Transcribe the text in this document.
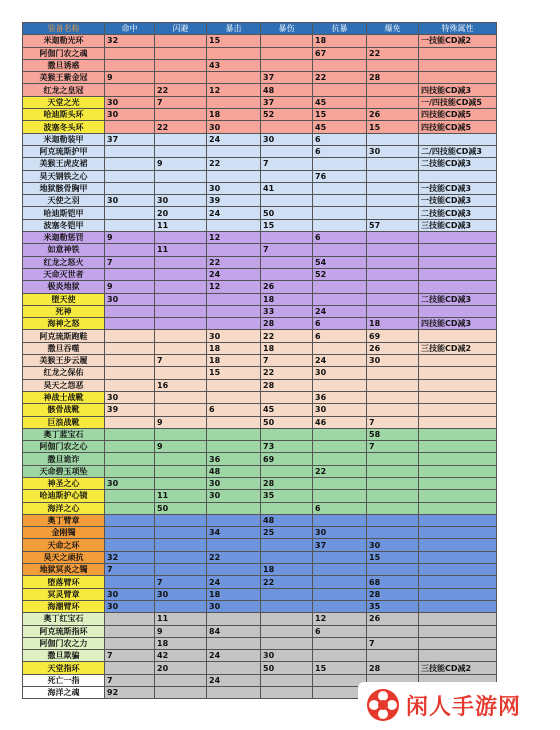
装备名称	命中	闪避	暴击	暴伤	抗暴	爆免	特殊属性
米迦勒光环	32		15		18		一技能CD减2
阿伽门农之魂					67	22	
撒旦诱惑			43				
美猴王紫金冠	9			37	22	28	
红龙之皇冠		22	12	48			四技能CD减3
天堂之光	30	7		37	45		一/四技能CD减5
哈迪斯头环	30		18	52	15	26	四技能CD减5
波塞冬头环		22	30		45	15	四技能CD减5
米迦勒装甲	37		24	30	6		
阿克琉斯护甲					6	30	二/四技能CD减3
美猴王虎皮裙		9	22	7			二技能CD减3
昊天钢铁之心					76		
地狱骸骨胸甲			30	41			一技能CD减3
天使之羽	30	30	39				一技能CD减3
哈迪斯铠甲		20	24	50			二技能CD减3
波塞冬铠甲		11		15		57	三技能CD减3
米迦勒惩罚	9		12		6		
如意神铁		11		7			
红龙之怒火	7		22		54		
天命灭世者			24		52		
极炎地狱	9		12	26			
堕天使	30			18			二技能CD减3
死神				33	24		
海神之怒				28	6	18	四技能CD减3
阿克琉斯跑鞋			30	22	6	69	
撒旦吞噬			18	18		26	三技能CD减2
美猴王步云履		7	18	7	24	30	
红龙之保佑			15	22	30		
昊天之怨恶		16		28			
神战士战靴	30				36		
骸骨战靴	39		6	45	30		
巨浪战靴		9		50	46	7	
奥丁蓝宝石						58	
阿伽门农之心		9		73		7	
撒旦诡诈			36	69			
天命碧玉项坠			48		22		
神圣之心	30		30	28			
哈迪斯护心镜		11	30	35			
海洋之心		50			6		
奥丁臂章				48			
金刚镯			34	25	30		
天命之环					37	30	
昊天之顽抗	32		22			15	
地狱冥炎之镯	7			18			
堕落臂环		7	24	22		68	
冥灵臂章	30	30	18			28	
海潮臂环	30		30			35	
奥丁红宝石		11			12	26	
阿克琉斯指环		9	84		6		
阿伽门农之力		18				7	
撒旦欺骗	7	42	24	30			
天堂指环		20		50	15	28	三技能CD减2
死亡一指	7		24				
海洋之魂	92						
闲人手游网
